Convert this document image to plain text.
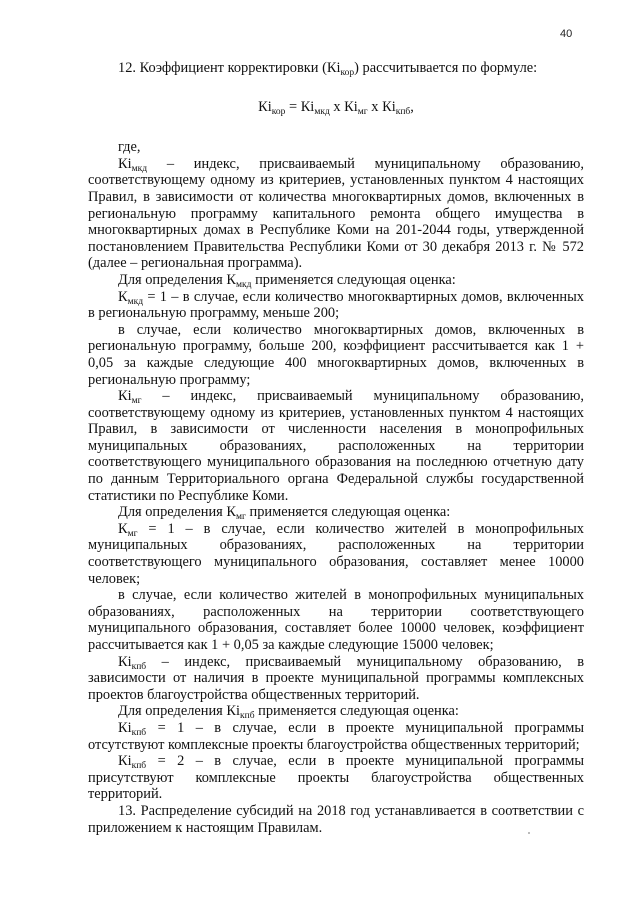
40

12. Коэффициент корректировки $(Кі_{кор})$ рассчитывается по формуле:

$Кі_{кор} = Кі_{мкд}$ х $Кі_{мг}$ х $Кі_{кпб}$,

где,

$Кі_{мкд}$ – индекс, присваиваемый муниципальному образованию, соответствующему одному из критериев, установленных пунктом 4 настоящих Правил, в зависимости от количества многоквартирных домов, включенных в региональную программу капитального ремонта общего имущества в многоквартирных домах в Республике Коми на 201-2044 годы, утвержденной постановлением Правительства Республики Коми от 30 декабря 2013 г. № 572 (далее – региональная программа).

Для определения $К_{мкд}$ применяется следующая оценка:

$К_{мкд} = 1 - в$ случае, если количество многоквартирных домов, включенных в региональную программу, меньше 200;

в случае, если количество многоквартирных домов, включенных в региональную программу, больше 200, коэффициент рассчитывается как 1 + 0,05 за каждые следующие 400 многоквартирных домов, включенных в региональную программу;

$Кі_{мг}$ – индекс, присваиваемый муниципальному образованию, соответствующему одному из критериев, установленных пунктом 4 настоящих Правил, в зависимости от численности населения в монопрофильных муниципальных образованиях, расположенных на территории соответствующего муниципального образования на последнюю отчетную дату по данным Территориального органа Федеральной службы государственной статистики по Республике Коми.

Для определения $К_{мг}$ применяется следующая оценка:

$К_{мг} = 1 - в$ случае, если количество жителей в монопрофильных муниципальных образованиях, расположенных на территории соответствующего муниципального образования, составляет менее 10000 человек;

в случае, если количество жителей в монопрофильных муниципальных образованиях, расположенных на территории соответствующего муниципального образования, составляет более 10000 человек, коэффициент рассчитывается как 1 + 0,05 за каждые следующие 15000 человек;

$Кі_{кпб}$ – индекс, присваиваемый муниципальному образованию, в зависимости от наличия в проекте муниципальной программы комплексных проектов благоустройства общественных территорий.

Для определения $Кі_{кпб}$ применяется следующая оценка:

$Кі_{кпб} = 1 - в$ случае, если в проекте муниципальной программы отсутствуют комплексные проекты благоустройства общественных территорий;

$Кі_{кпб} = 2 - в$ случае, если в проекте муниципальной программы присутствуют комплексные проекты благоустройства общественных территорий.

13. Распределение субсидий на 2018 год устанавливается в соответствии с приложением к настоящим Правилам.
